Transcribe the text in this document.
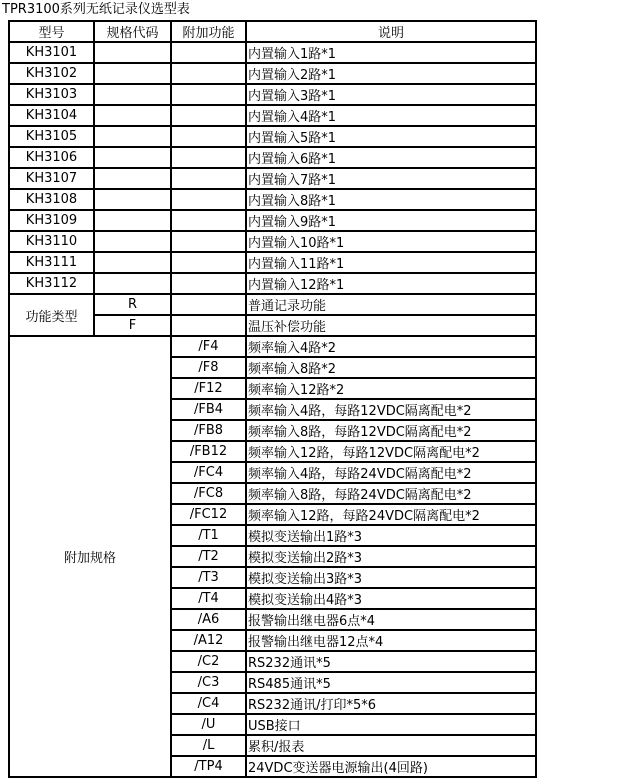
TPR3100系列无纸记录仪选型表
型号	规格代码	附加功能	说明
KH3101			内置输入1路*1
KH3102			内置输入2路*1
KH3103			内置输入3路*1
KH3104			内置输入4路*1
KH3105			内置输入5路*1
KH3106			内置输入6路*1
KH3107			内置输入7路*1
KH3108			内置输入8路*1
KH3109			内置输入9路*1
KH3110			内置输入10路*1
KH3111			内置输入11路*1
KH3112			内置输入12路*1
功能类型	R		普通记录功能
	F		温压补偿功能
附加规格		/F4	频率输入4路*2
		/F8	频率输入8路*2
		/F12	频率输入12路*2
		/FB4	频率输入4路，每路12VDC隔离配电*2
		/FB8	频率输入8路，每路12VDC隔离配电*2
		/FB12	频率输入12路，每路12VDC隔离配电*2
		/FC4	频率输入4路，每路24VDC隔离配电*2
		/FC8	频率输入8路，每路24VDC隔离配电*2
		/FC12	频率输入12路，每路24VDC隔离配电*2
		/T1	模拟变送输出1路*3
		/T2	模拟变送输出2路*3
		/T3	模拟变送输出3路*3
		/T4	模拟变送输出4路*3
		/A6	报警输出继电器6点*4
		/A12	报警输出继电器12点*4
		/C2	RS232通讯*5
		/C3	RS485通讯*5
		/C4	RS232通讯/打印*5*6
		/U	USB接口
		/L	累积/报表
		/TP4	24VDC变送器电源输出(4回路)
